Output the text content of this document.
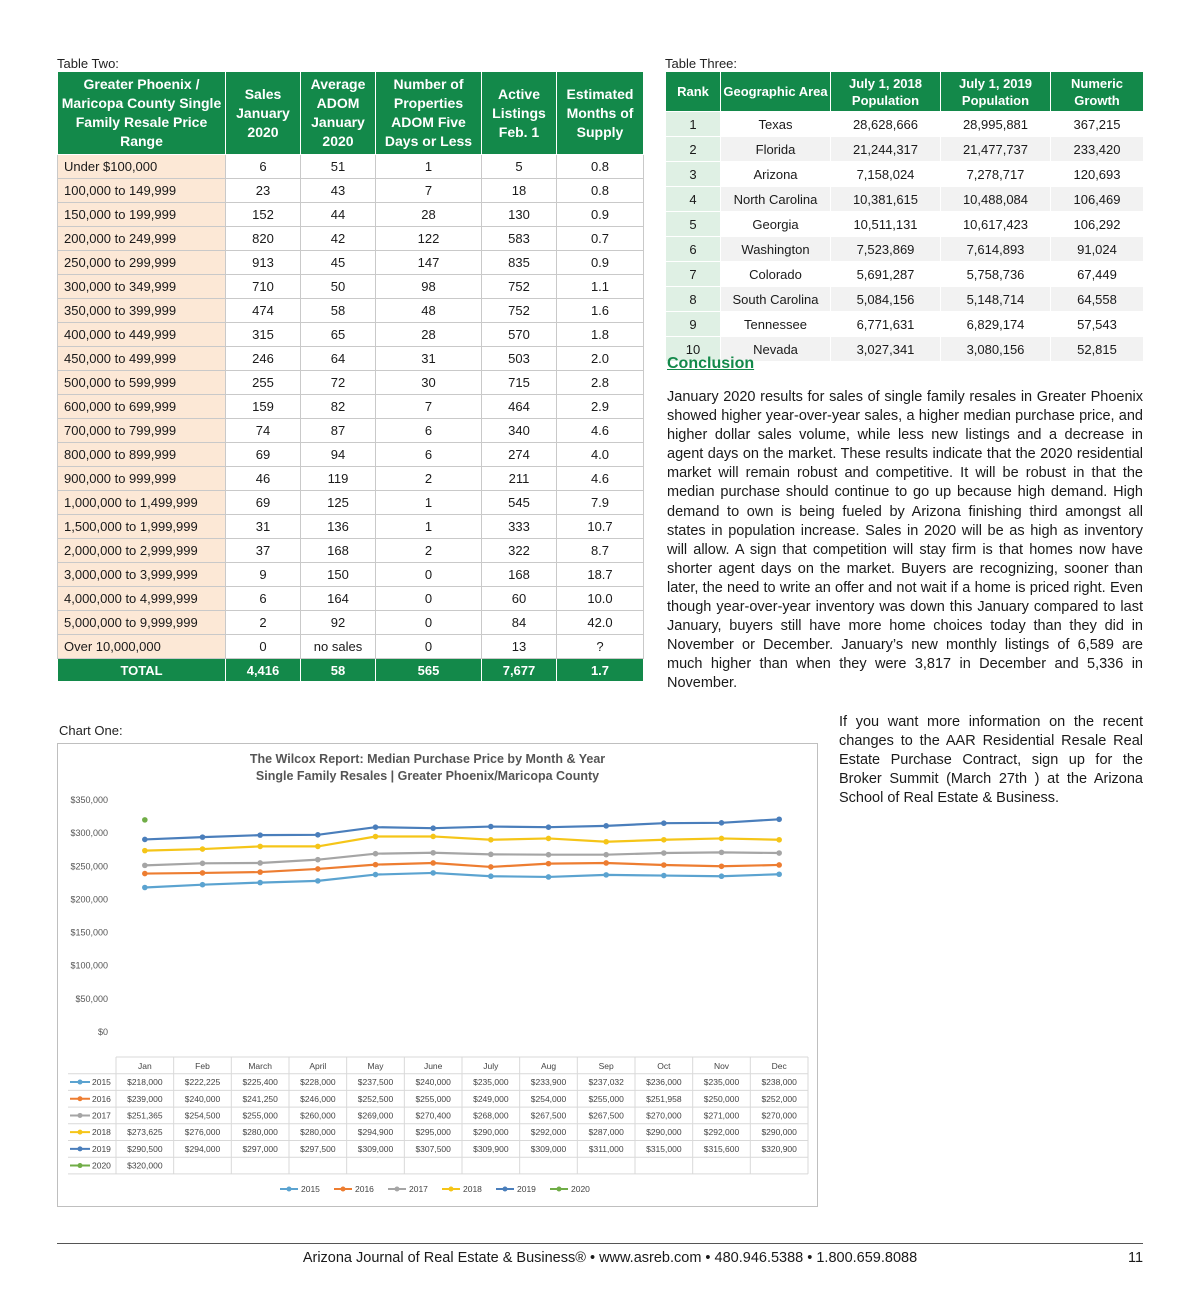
Table Two:
Greater Phoenix / Maricopa County Single Family Resale Price Range	Sales January 2020	Average ADOM January 2020	Number of Properties ADOM Five Days or Less	Active Listings Feb. 1	Estimated Months of Supply
Under $100,000	6	51	1	5	0.8
100,000 to 149,999	23	43	7	18	0.8
150,000 to 199,999	152	44	28	130	0.9
200,000 to 249,999	820	42	122	583	0.7
250,000 to 299,999	913	45	147	835	0.9
300,000 to 349,999	710	50	98	752	1.1
350,000 to 399,999	474	58	48	752	1.6
400,000 to 449,999	315	65	28	570	1.8
450,000 to 499,999	246	64	31	503	2.0
500,000 to 599,999	255	72	30	715	2.8
600,000 to 699,999	159	82	7	464	2.9
700,000 to 799,999	74	87	6	340	4.6
800,000 to 899,999	69	94	6	274	4.0
900,000 to 999,999	46	119	2	211	4.6
1,000,000 to 1,499,999	69	125	1	545	7.9
1,500,000 to 1,999,999	31	136	1	333	10.7
2,000,000 to 2,999,999	37	168	2	322	8.7
3,000,000 to 3,999,999	9	150	0	168	18.7
4,000,000 to 4,999,999	6	164	0	60	10.0
5,000,000 to 9,999,999	2	92	0	84	42.0
Over 10,000,000	0	no sales	0	13	?
TOTAL	4,416	58	565	7,677	1.7
Table Three:
Rank	Geographic Area	July 1, 2018 Population	July 1, 2019 Population	Numeric Growth
1	Texas	28,628,666	28,995,881	367,215
2	Florida	21,244,317	21,477,737	233,420
3	Arizona	7,158,024	7,278,717	120,693
4	North Carolina	10,381,615	10,488,084	106,469
5	Georgia	10,511,131	10,617,423	106,292
6	Washington	7,523,869	7,614,893	91,024
7	Colorado	5,691,287	5,758,736	67,449
8	South Carolina	5,084,156	5,148,714	64,558
9	Tennessee	6,771,631	6,829,174	57,543
10	Nevada	3,027,341	3,080,156	52,815
Conclusion
January 2020 results for sales of single family resales in Greater Phoenix showed higher year-over-year sales, a higher median purchase price, and higher dollar sales volume, while less new listings and a decrease in agent days on the market. These results indicate that the 2020 residential market will remain robust and competitive. It will be robust in that the median purchase should continue to go up because high demand. High demand to own is being fueled by Arizona finishing third amongst all states in population increase. Sales in 2020 will be as high as inventory will allow. A sign that competition will stay firm is that homes now have shorter agent days on the market. Buyers are recognizing, sooner than later, the need to write an offer and not wait if a home is priced right. Even though year-over-year inventory was down this January compared to last January, buyers still have more home choices today than they did in November or December. January’s new monthly listings of 6,589 are much higher than when they were 3,817 in December and 5,336 in November.
If you want more information on the recent changes to the AAR Residential Resale Real Estate Purchase Contract, sign up for the Broker Summit (March 27th ) at the Arizona School of Real Estate & Business.
Chart One:
The Wilcox Report: Median Purchase Price by Month & Year
Single Family Resales | Greater Phoenix/Maricopa County
$0
$50,000
$100,000
$150,000
$200,000
$250,000
$300,000
$350,000
Jan	Feb	March	April	May	June	July	Aug	Sep	Oct	Nov	Dec
2015 $218,000	$222,225	$225,400	$228,000	$237,500	$240,000	$235,000	$233,900	$237,032	$236,000	$235,000	$238,000
2016 $239,000	$240,000	$241,250	$246,000	$252,500	$255,000	$249,000	$254,000	$255,000	$251,958	$250,000	$252,000
2017 $251,365	$254,500	$255,000	$260,000	$269,000	$270,400	$268,000	$267,500	$267,500	$270,000	$271,000	$270,000
2018 $273,625	$276,000	$280,000	$280,000	$294,900	$295,000	$290,000	$292,000	$287,000	$290,000	$292,000	$290,000
2019 $290,500	$294,000	$297,000	$297,500	$309,000	$307,500	$309,900	$309,000	$311,000	$315,000	$315,600	$320,900
2020 $320,000
2015	2016	2017	2018	2019	2020
Arizona Journal of Real Estate & Business® • www.asreb.com • 480.946.5388 • 1.800.659.8088	11
